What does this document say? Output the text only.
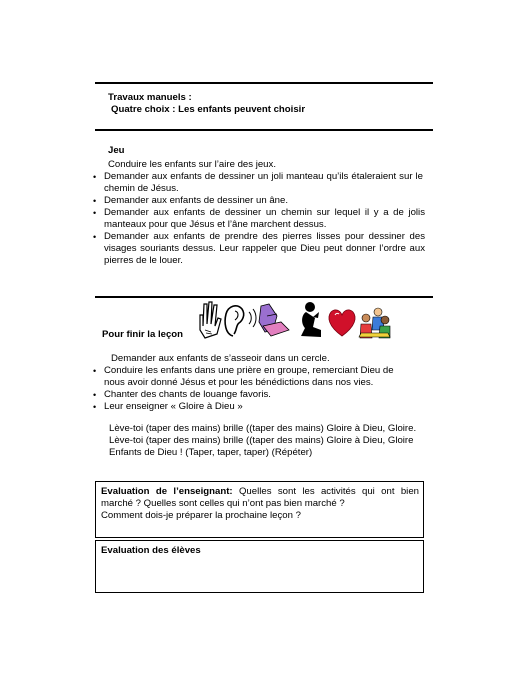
Travaux manuels :
Quatre choix : Les enfants peuvent choisir
Jeu
Conduire les enfants sur l’aire des jeux.
• Demander aux enfants de dessiner un joli manteau qu’ils étaleraient sur le chemin de Jésus.
• Demander aux enfants de dessiner un âne.
• Demander aux enfants de dessiner un chemin sur lequel il y a de jolis manteaux pour que Jésus et l’âne marchent dessus.
• Demander aux enfants de prendre des pierres lisses pour dessiner des visages souriants dessus. Leur rappeler que Dieu peut donner l’ordre aux pierres de le louer.
Pour finir la leçon
Demander aux enfants de s’asseoir dans un cercle.
• Conduire les enfants dans une prière en groupe, remerciant Dieu de nous avoir donné Jésus et pour les bénédictions dans nos vies.
• Chanter des chants de louange favoris.
• Leur enseigner « Gloire à Dieu »
Lève-toi (taper des mains) brille ((taper des mains) Gloire à Dieu, Gloire.
Lève-toi (taper des mains) brille ((taper des mains) Gloire à Dieu, Gloire
Enfants de Dieu ! (Taper, taper, taper) (Répéter)
Evaluation de l’enseignant: Quelles sont les activités qui ont bien marché ? Quelles sont celles qui n’ont pas bien marché ?
Comment dois-je préparer la prochaine leçon ?
Evaluation des élèves
